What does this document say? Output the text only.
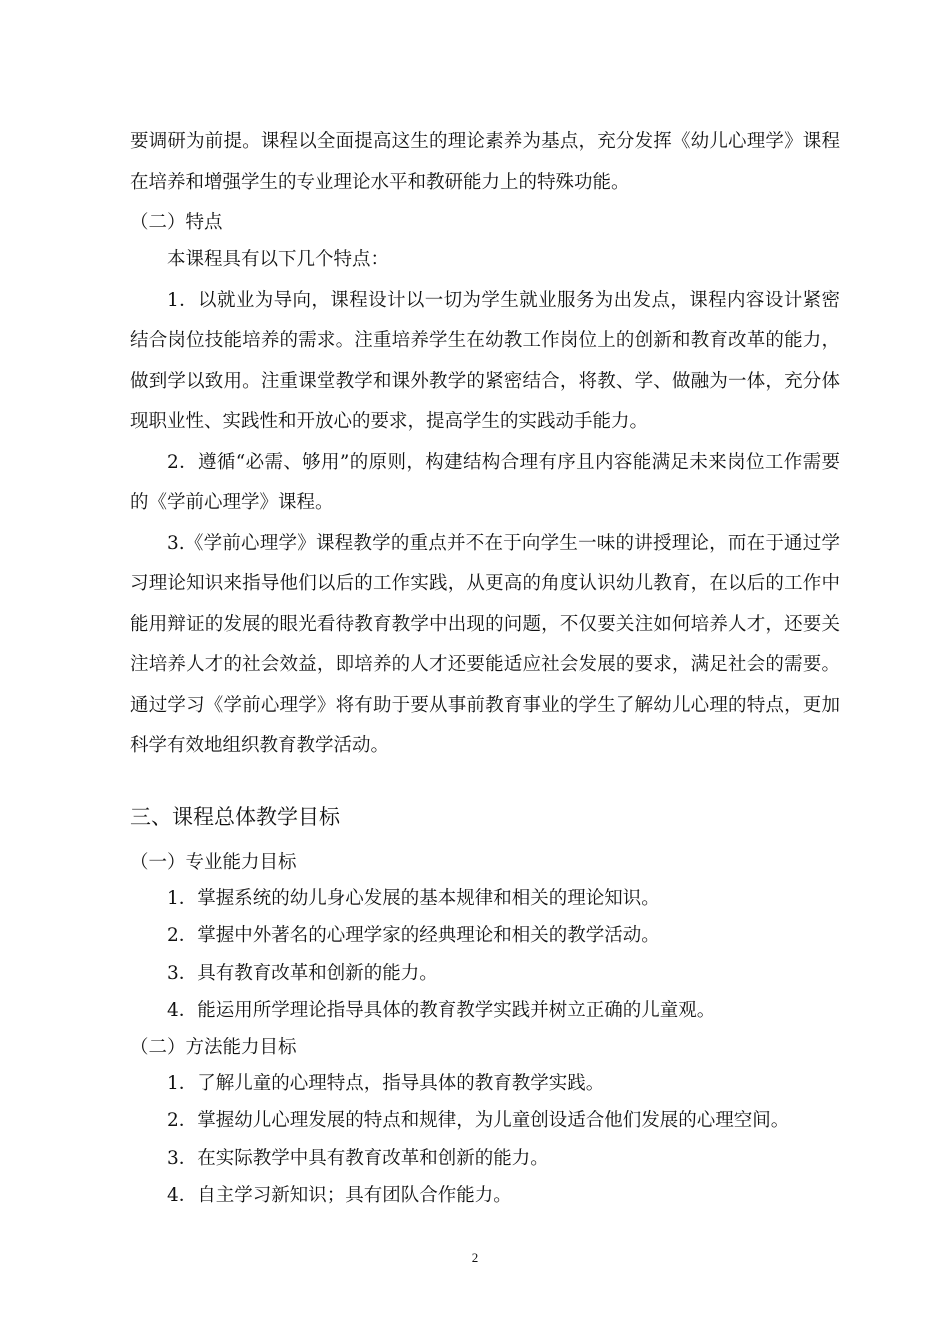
要调研为前提。课程以全面提高这生的理论素养为基点，充分发挥《幼儿心理学》课程在培养和增强学生的专业理论水平和教研能力上的特殊功能。

（二）特点

本课程具有以下几个特点：

1．以就业为导向，课程设计以一切为学生就业服务为出发点，课程内容设计紧密结合岗位技能培养的需求。注重培养学生在幼教工作岗位上的创新和教育改革的能力，做到学以致用。注重课堂教学和课外教学的紧密结合，将教、学、做融为一体，充分体现职业性、实践性和开放心的要求，提高学生的实践动手能力。

2．遵循“必需、够用”的原则，构建结构合理有序且内容能满足未来岗位工作需要的《学前心理学》课程。

3.《学前心理学》课程教学的重点并不在于向学生一味的讲授理论，而在于通过学习理论知识来指导他们以后的工作实践，从更高的角度认识幼儿教育，在以后的工作中能用辩证的发展的眼光看待教育教学中出现的问题，不仅要关注如何培养人才，还要关注培养人才的社会效益，即培养的人才还要能适应社会发展的要求，满足社会的需要。通过学习《学前心理学》将有助于要从事前教育事业的学生了解幼儿心理的特点，更加科学有效地组织教育教学活动。

三、课程总体教学目标

（一）专业能力目标

1．掌握系统的幼儿身心发展的基本规律和相关的理论知识。

2．掌握中外著名的心理学家的经典理论和相关的教学活动。

3．具有教育改革和创新的能力。

4．能运用所学理论指导具体的教育教学实践并树立正确的儿童观。

（二）方法能力目标

1．了解儿童的心理特点，指导具体的教育教学实践。

2．掌握幼儿心理发展的特点和规律，为儿童创设适合他们发展的心理空间。

3．在实际教学中具有教育改革和创新的能力。

4．自主学习新知识；具有团队合作能力。

2
